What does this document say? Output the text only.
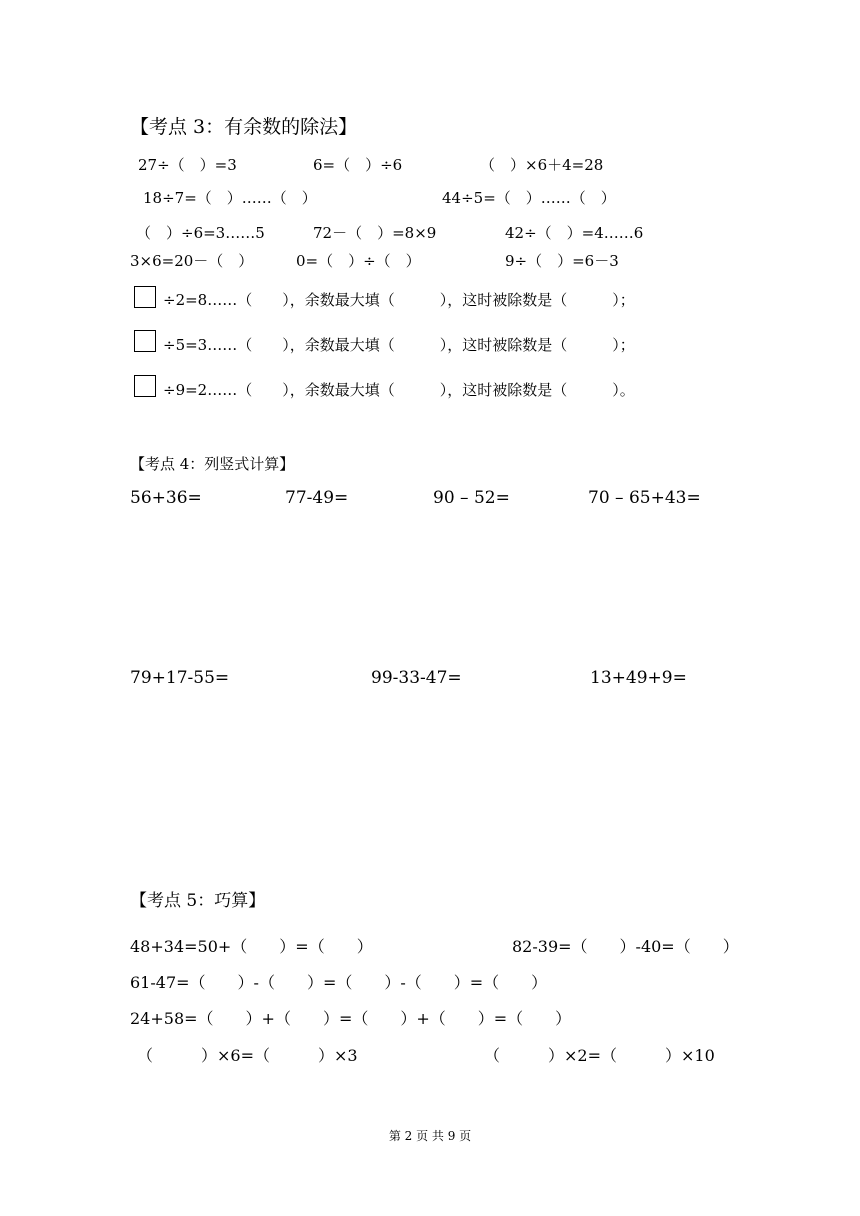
【考点 3：有余数的除法】
27÷（　）=3	6=（　）÷6	（　）×6＋4=28
18÷7=（　）……（　）	44÷5=（　）……（　）
（　）÷6=3……5	72－（　）=8×9	42÷（　）=4……6
3×6=20－（　）	0=（　）÷（　）	9÷（　）=6－3
÷2=8……（　　），余数最大填（　　　），这时被除数是（　　　）；
÷5=3……（　　），余数最大填（　　　），这时被除数是（　　　）；
÷9=2……（　　），余数最大填（　　　），这时被除数是（　　　）。
【考点 4：列竖式计算】
56+36=	77-49=	90 – 52=	70 – 65+43=
79+17-55=	99-33-47=	13+49+9=
【考点 5：巧算】
48+34=50+（　　）=（　　）	82-39=（　　）-40=（　　）
61-47=（　　）-（　　）=（　　）-（　　）=（　　）
24+58=（　　）+（　　）=（　　）+（　　）=（　　）
（　　　）×6=（　　　）×3	（　　　）×2=（　　　）×10
第 2 页 共 9 页
